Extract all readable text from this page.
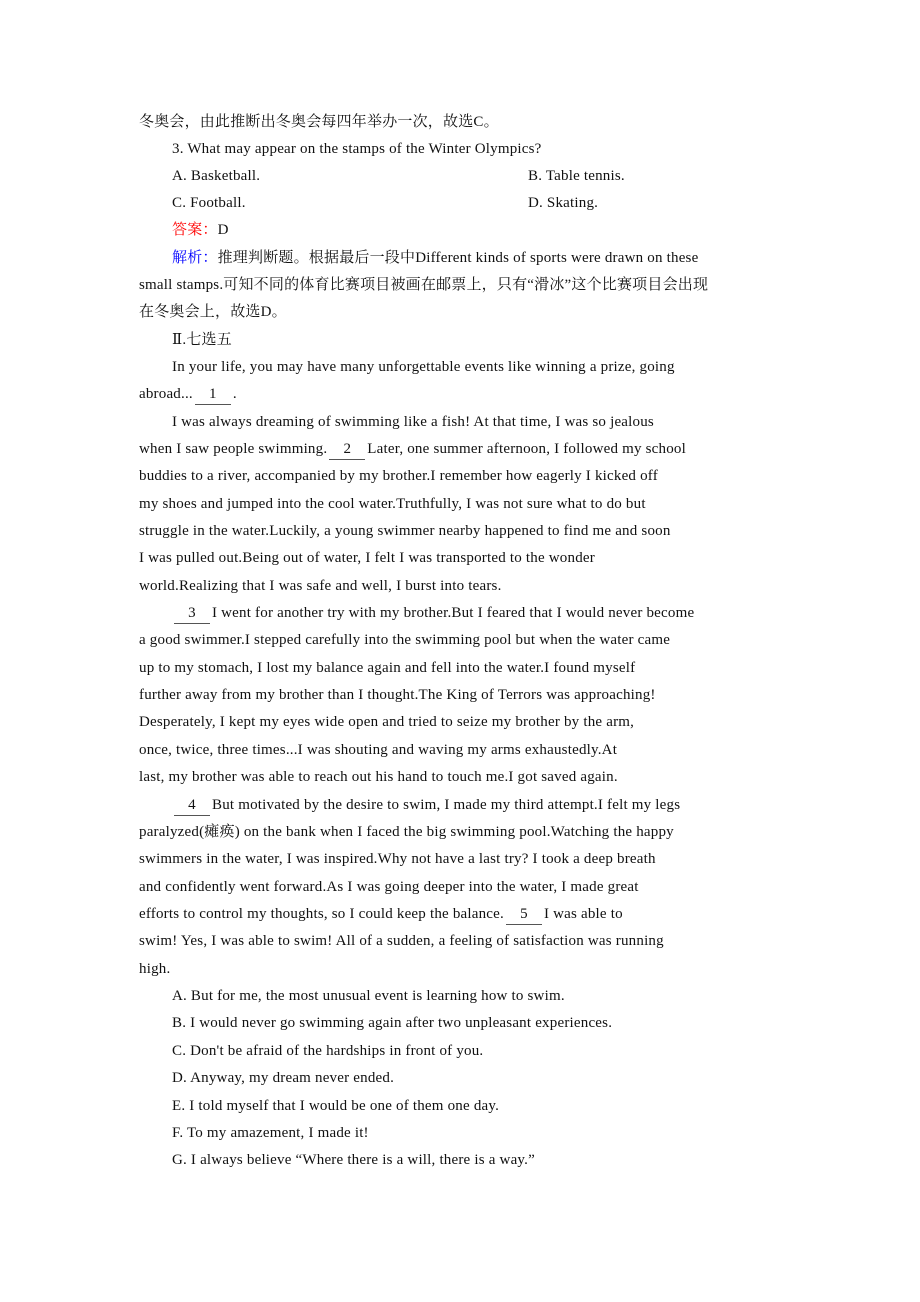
冬奥会，由此推断出冬奥会每四年举办一次，故选C。
3. What may appear on the stamps of the Winter Olympics?
A. Basketball.	B. Table tennis.
C. Football.	D. Skating.
答案：D
解析：推理判断题。根据最后一段中Different kinds of sports were drawn on these
small stamps.可知不同的体育比赛项目被画在邮票上，只有“滑冰”这个比赛项目会出现
在冬奥会上，故选D。
Ⅱ.七选五
In your life, you may have many unforgettable events like winning a prize, going
abroad... 1 .
I was always dreaming of swimming like a fish! At that time, I was so jealous
when I saw people swimming. 2 Later, one summer afternoon, I followed my school
buddies to a river, accompanied by my brother.I remember how eagerly I kicked off
my shoes and jumped into the cool water.Truthfully, I was not sure what to do but
struggle in the water.Luckily, a young swimmer nearby happened to find me and soon
I was pulled out.Being out of water, I felt I was transported to the wonder
world.Realizing that I was safe and well, I burst into tears.
3 I went for another try with my brother.But I feared that I would never become
a good swimmer.I stepped carefully into the swimming pool but when the water came
up to my stomach, I lost my balance again and fell into the water.I found myself
further away from my brother than I thought.The King of Terrors was approaching!
Desperately, I kept my eyes wide open and tried to seize my brother by the arm,
once, twice, three times...I was shouting and waving my arms exhaustedly.At
last, my brother was able to reach out his hand to touch me.I got saved again.
4 But motivated by the desire to swim, I made my third attempt.I felt my legs
paralyzed(瘫痪) on the bank when I faced the big swimming pool.Watching the happy
swimmers in the water, I was inspired.Why not have a last try? I took a deep breath
and confidently went forward.As I was going deeper into the water, I made great
efforts to control my thoughts, so I could keep the balance. 5 I was able to
swim! Yes, I was able to swim! All of a sudden, a feeling of satisfaction was running
high.
A. But for me, the most unusual event is learning how to swim.
B. I would never go swimming again after two unpleasant experiences.
C. Don't be afraid of the hardships in front of you.
D. Anyway, my dream never ended.
E. I told myself that I would be one of them one day.
F. To my amazement, I made it!
G. I always believe “Where there is a will, there is a way.”
